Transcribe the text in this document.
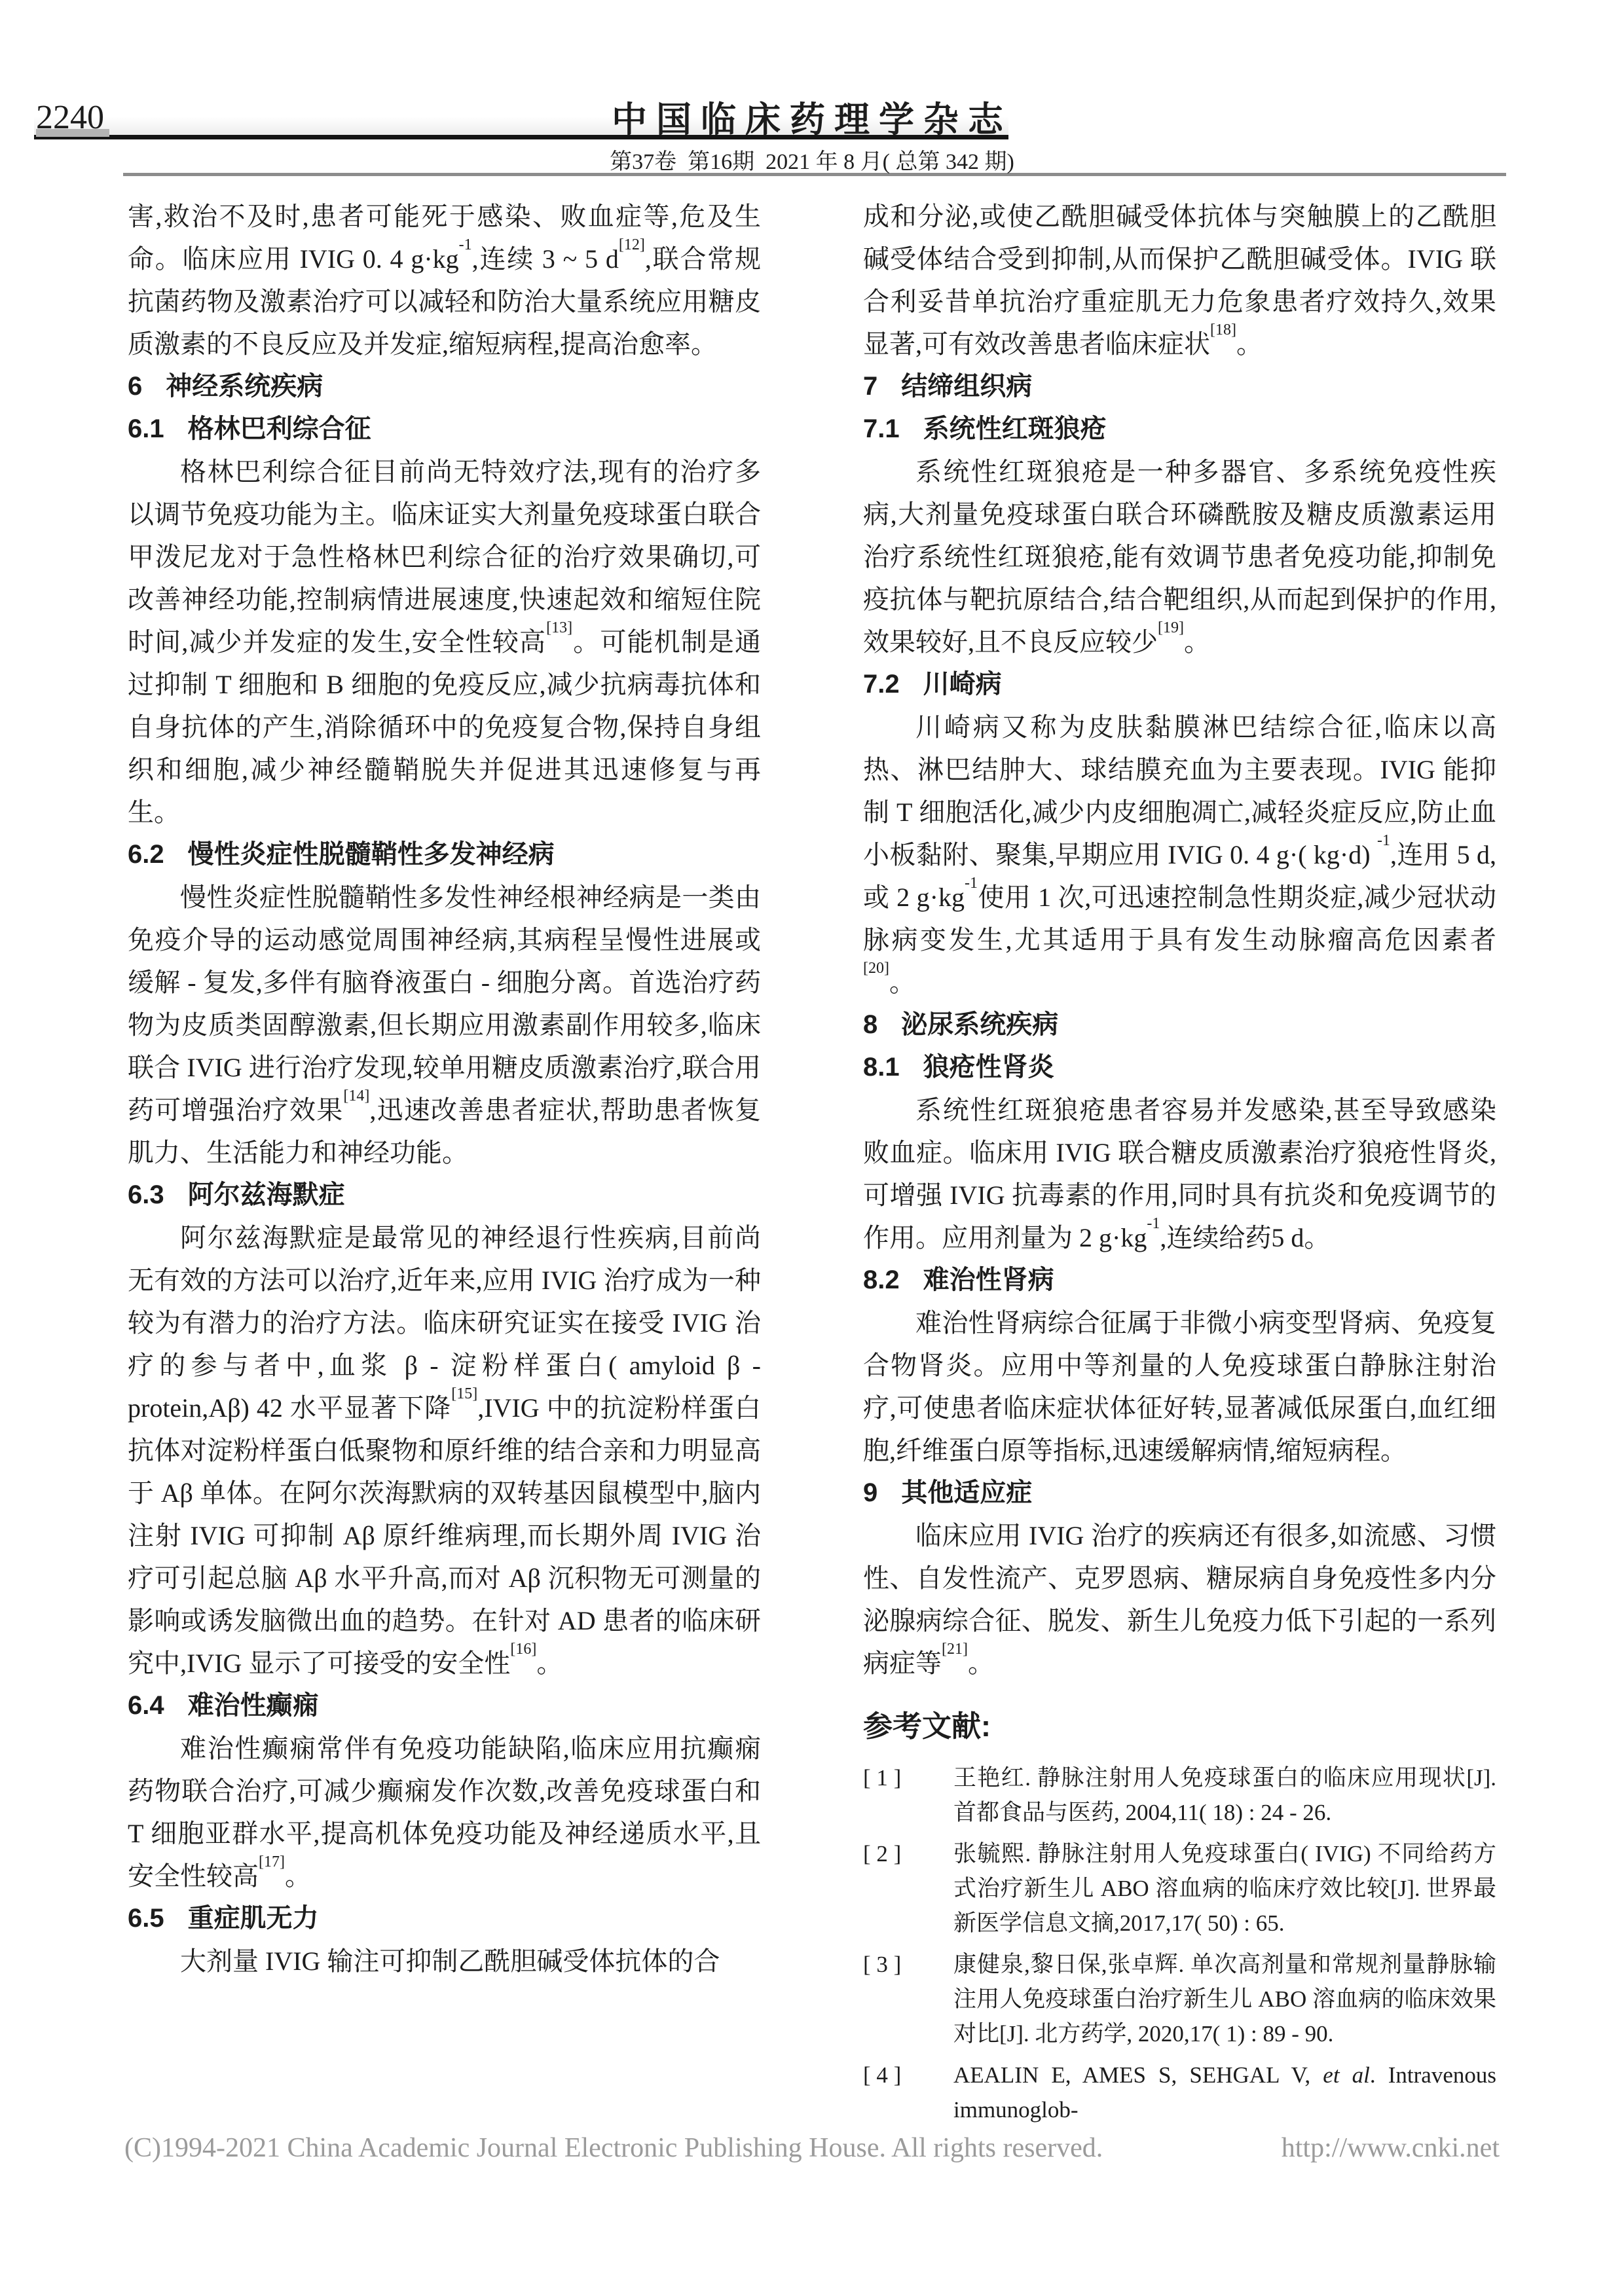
2240	中国临床药理学杂志
第37卷  第16期  2021 年 8 月( 总第 342 期)

害,救治不及时,患者可能死于感染、败血症等,危及生命。临床应用 IVIG 0. 4 g·kg$^{-1}$,连续 3 ~ 5 d[12],联合常规抗菌药物及激素治疗可以减轻和防治大量系统应用糖皮质激素的不良反应及并发症,缩短病程,提高治愈率。

6 神经系统疾病
6.1 格林巴利综合征

格林巴利综合征目前尚无特效疗法,现有的治疗多以调节免疫功能为主。临床证实大剂量免疫球蛋白联合甲泼尼龙对于急性格林巴利综合征的治疗效果确切,可改善神经功能,控制病情进展速度,快速起效和缩短住院时间,减少并发症的发生,安全性较高[13]。可能机制是通过抑制 T 细胞和 B 细胞的免疫反应,减少抗病毒抗体和自身抗体的产生,消除循环中的免疫复合物,保持自身组织和细胞,减少神经髓鞘脱失并促进其迅速修复与再生。

6.2 慢性炎症性脱髓鞘性多发神经病

慢性炎症性脱髓鞘性多发性神经根神经病是一类由免疫介导的运动感觉周围神经病,其病程呈慢性进展或缓解 - 复发,多伴有脑脊液蛋白 - 细胞分离。首选治疗药物为皮质类固醇激素,但长期应用激素副作用较多,临床联合 IVIG 进行治疗发现,较单用糖皮质激素治疗,联合用药可增强治疗效果[14],迅速改善患者症状,帮助患者恢复肌力、生活能力和神经功能。

6.3 阿尔兹海默症

阿尔兹海默症是最常见的神经退行性疾病,目前尚无有效的方法可以治疗,近年来,应用 IVIG 治疗成为一种较为有潜力的治疗方法。临床研究证实在接受 IVIG 治疗的参与者中,血浆 β - 淀粉样蛋白( amyloid β - protein,Aβ) 42 水平显著下降[15],IVIG 中的抗淀粉样蛋白抗体对淀粉样蛋白低聚物和原纤维的结合亲和力明显高于 Aβ 单体。在阿尔茨海默病的双转基因鼠模型中,脑内注射 IVIG 可抑制 Aβ 原纤维病理,而长期外周 IVIG 治疗可引起总脑 Aβ 水平升高,而对 Aβ 沉积物无可测量的影响或诱发脑微出血的趋势。在针对 AD 患者的临床研究中,IVIG 显示了可接受的安全性[16]。

6.4 难治性癫痫

难治性癫痫常伴有免疫功能缺陷,临床应用抗癫痫药物联合治疗,可减少癫痫发作次数,改善免疫球蛋白和 T 细胞亚群水平,提高机体免疫功能及神经递质水平,且安全性较高[17]。

6.5 重症肌无力

大剂量 IVIG 输注可抑制乙酰胆碱受体抗体的合

成和分泌,或使乙酰胆碱受体抗体与突触膜上的乙酰胆碱受体结合受到抑制,从而保护乙酰胆碱受体。IVIG 联合利妥昔单抗治疗重症肌无力危象患者疗效持久,效果显著,可有效改善患者临床症状[18]。

7 结缔组织病
7.1 系统性红斑狼疮

系统性红斑狼疮是一种多器官、多系统免疫性疾病,大剂量免疫球蛋白联合环磷酰胺及糖皮质激素运用治疗系统性红斑狼疮,能有效调节患者免疫功能,抑制免疫抗体与靶抗原结合,结合靶组织,从而起到保护的作用,效果较好,且不良反应较少[19]。

7.2 川崎病

川崎病又称为皮肤黏膜淋巴结综合征,临床以高热、淋巴结肿大、球结膜充血为主要表现。IVIG 能抑制 T 细胞活化,减少内皮细胞凋亡,减轻炎症反应,防止血小板黏附、聚集,早期应用 IVIG 0. 4 g·( kg·d) $^{-1}$,连用 5 d,或 2 g·kg$^{-1}$使用 1 次,可迅速控制急性期炎症,减少冠状动脉病变发生,尤其适用于具有发生动脉瘤高危因素者[20]。

8 泌尿系统疾病
8.1 狼疮性肾炎

系统性红斑狼疮患者容易并发感染,甚至导致感染败血症。临床用 IVIG 联合糖皮质激素治疗狼疮性肾炎,可增强 IVIG 抗毒素的作用,同时具有抗炎和免疫调节的作用。应用剂量为 2 g·kg$^{-1}$,连续给药5 d。

8.2 难治性肾病

难治性肾病综合征属于非微小病变型肾病、免疫复合物肾炎。应用中等剂量的人免疫球蛋白静脉注射治疗,可使患者临床症状体征好转,显著减低尿蛋白,血红细胞,纤维蛋白原等指标,迅速缓解病情,缩短病程。

9 其他适应症

临床应用 IVIG 治疗的疾病还有很多,如流感、习惯性、自发性流产、克罗恩病、糖尿病自身免疫性多内分泌腺病综合征、脱发、新生儿免疫力低下引起的一系列病症等[21]。

参考文献:
[ 1 ] 王艳红. 静脉注射用人免疫球蛋白的临床应用现状[J]. 首都食品与医药, 2004,11( 18) : 24 - 26.
[ 2 ] 张毓熙. 静脉注射用人免疫球蛋白( IVIG) 不同给药方式治疗新生儿 ABO 溶血病的临床疗效比较[J]. 世界最新医学信息文摘,2017,17( 50) : 65.
[ 3 ] 康健泉,黎日保,张卓辉. 单次高剂量和常规剂量静脉输注用人免疫球蛋白治疗新生儿 ABO 溶血病的临床效果对比[J]. 北方药学, 2020,17( 1) : 89 - 90.
[ 4 ] AEALIN E, AMES S, SEHGAL V, et al. Intravenous immunoglob-
(C)1994-2021 China Academic Journal Electronic Publishing House. All rights reserved.	http://www.cnki.net
